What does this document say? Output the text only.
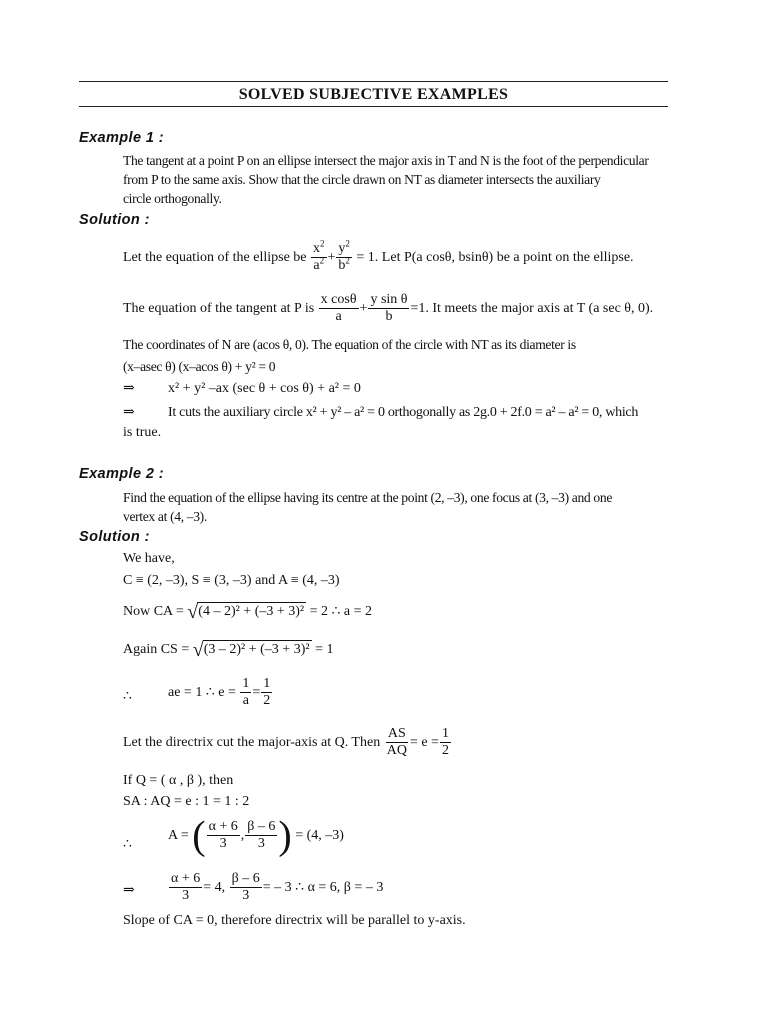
SOLVED SUBJECTIVE EXAMPLES
Example 1 :
The tangent at a point P on an ellipse intersect the major axis in T and N is the foot of the perpendicular
from P to the same axis. Show that the circle drawn on NT as diameter intersects the auxiliary
circle orthogonally.
Solution :
Let the equation of the ellipse be $\frac{x^2}{a^2} + \frac{y^2}{b^2} = 1$. Let P(a cosθ, bsinθ) be a point on the ellipse.
The equation of the tangent at P is $\frac{\text{x cosθ}}{a} + \frac{\text{y sin θ}}{b} =1$. It meets the major axis at T (a sec θ, 0).
The coordinates of N are (acos θ, 0). The equation of the circle with NT as its diameter is
(x–asec θ) (x–acos θ) + y² = 0
⇒ x² + y² –ax (sec θ + cos θ) + a² = 0
⇒ It cuts the auxiliary circle x² + y² – a² = 0 orthogonally as 2g.0 + 2f.0 = a² – a² = 0, which
is true.
Example 2 :
Find the equation of the ellipse having its centre at the point (2, –3), one focus at (3, –3) and one
vertex at (4, –3).
Solution :
We have,
C ≡ (2, –3), S ≡ (3, –3) and A ≡ (4, –3)
Now CA = √(4 – 2)² + (–3 + 3)² = 2 ∴ a = 2
Again CS = √(3 – 2)² + (–3 + 3)² = 1
∴	ae = 1 ∴ $e = \frac{1}{a} = \frac{1}{2}$
Let the directrix cut the major-axis at Q. Then $\frac{AS}{AQ} = e = \frac{1}{2}$
If Q = ( α , β ), then
SA : AQ = e : 1 = 1 : 2
∴
A = ( $\frac{\alpha + 6}{3}$ , $\frac{\beta - 6}{3}$ ) = (4, –3)
⇒ $\frac{\alpha + 6}{3} = 4$, $\frac{\beta - 6}{3}$ = – 3 ∴ α = 6, β = – 3
Slope of CA = 0, therefore directrix will be parallel to y-axis.
